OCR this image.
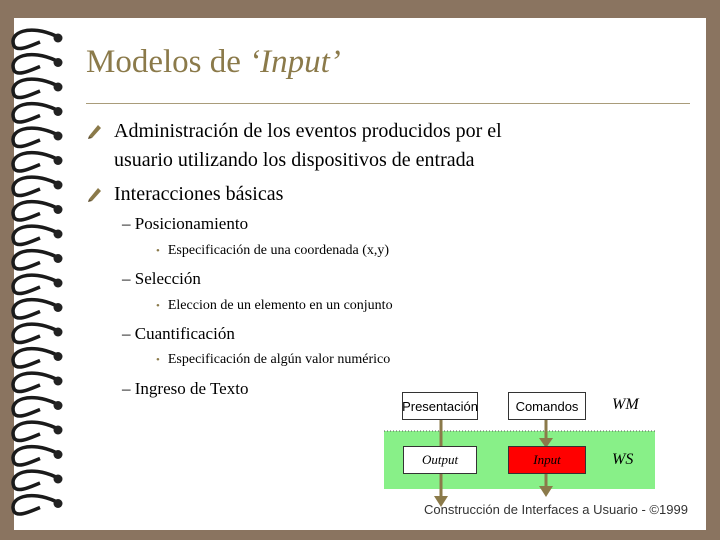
Modelos de ‘Input’
Administración de los eventos producidos por el
usuario utilizando los dispositivos de entrada
Interacciones básicas
– Posicionamiento
• Especificación de una coordenada (x,y)
– Selección
• Eleccion de un elemento en un conjunto
– Cuantificación
• Especificación de algún valor numérico
– Ingreso de Texto
Presentación	Comandos	WM
Output	Input	WS
Construcción de Interfaces a Usuario - ©1999
